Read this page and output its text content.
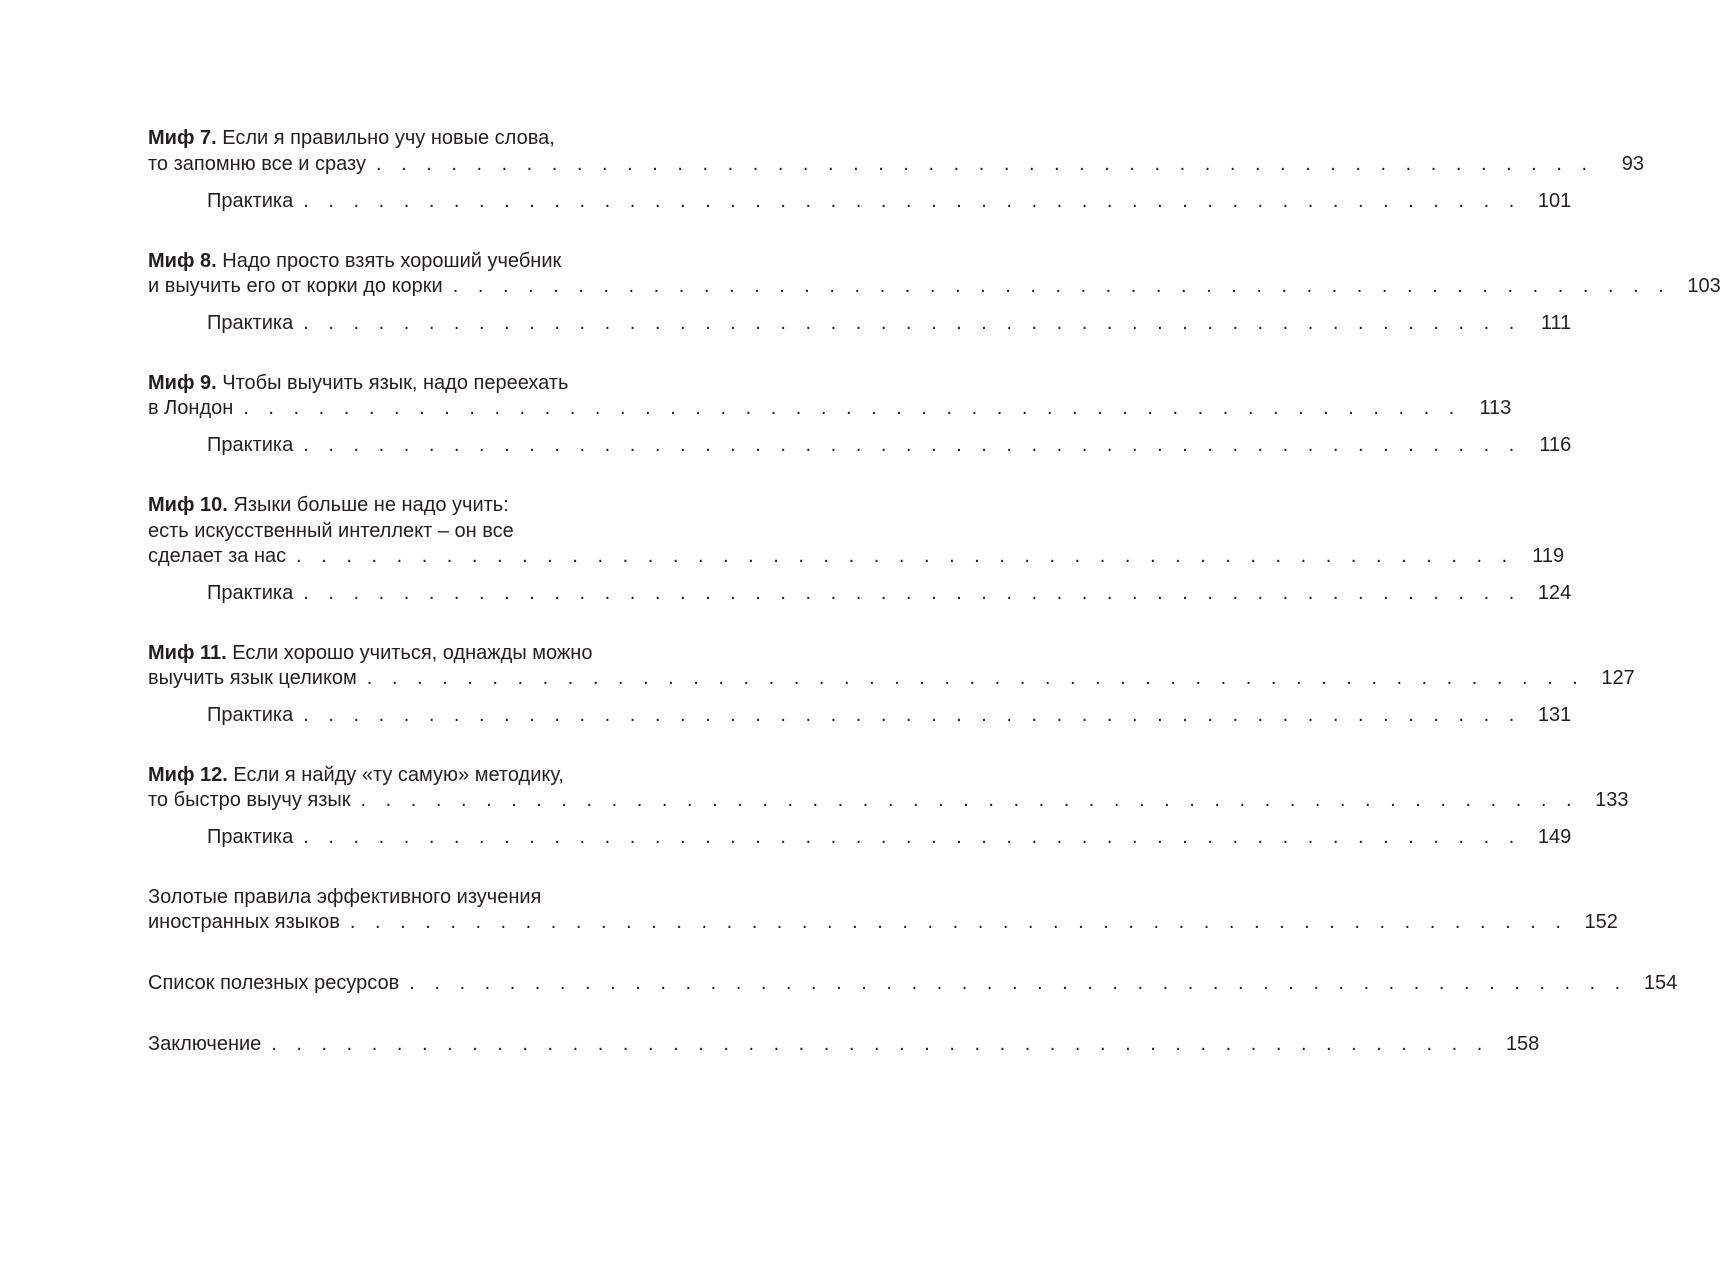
Миф 7. Если я правильно учу новые слова,
то запомню все и сразу . . . . . . . . . . . . . . . . . . . . . . . . . . . . . . . . . . . . . . . . . . . . . . . . .	93
Практика . . . . . . . . . . . . . . . . . . . . . . . . . . . . . . . . . . . . . . . . . . . . . . . . . 101
Миф 8. Надо просто взять хороший учебник
и выучить его от корки до корки . . . . . . . . . . . . . . . . . . . . . . . . . . . . . . . . . . . . . . . . . . . . . . . . . 103
Практика . . . . . . . . . . . . . . . . . . . . . . . . . . . . . . . . . . . . . . . . . . . . . . . . . 111
Миф 9. Чтобы выучить язык, надо переехать
в Лондон . . . . . . . . . . . . . . . . . . . . . . . . . . . . . . . . . . . . . . . . . . . . . . . . . 113
Практика . . . . . . . . . . . . . . . . . . . . . . . . . . . . . . . . . . . . . . . . . . . . . . . . . 116
Миф 10. Языки больше не надо учить:
есть искусственный интеллект – он все
сделает за нас . . . . . . . . . . . . . . . . . . . . . . . . . . . . . . . . . . . . . . . . . . . . . . . . . 119
Практика . . . . . . . . . . . . . . . . . . . . . . . . . . . . . . . . . . . . . . . . . . . . . . . . . 124
Миф 11. Если хорошо учиться, однажды можно
выучить язык целиком . . . . . . . . . . . . . . . . . . . . . . . . . . . . . . . . . . . . . . . . . . . . . . . . . 127
Практика . . . . . . . . . . . . . . . . . . . . . . . . . . . . . . . . . . . . . . . . . . . . . . . . . 131
Миф 12. Если я найду «ту самую» методику,
то быстро выучу язык . . . . . . . . . . . . . . . . . . . . . . . . . . . . . . . . . . . . . . . . . . . . . . . . . 133
Практика . . . . . . . . . . . . . . . . . . . . . . . . . . . . . . . . . . . . . . . . . . . . . . . . . 149
Золотые правила эффективного изучения
иностранных языков . . . . . . . . . . . . . . . . . . . . . . . . . . . . . . . . . . . . . . . . . . . . . . . . . 152
Список полезных ресурсов . . . . . . . . . . . . . . . . . . . . . . . . . . . . . . . . . . . . . . . . . . . . . . . . . 154
Заключение . . . . . . . . . . . . . . . . . . . . . . . . . . . . . . . . . . . . . . . . . . . . . . . . . 158
